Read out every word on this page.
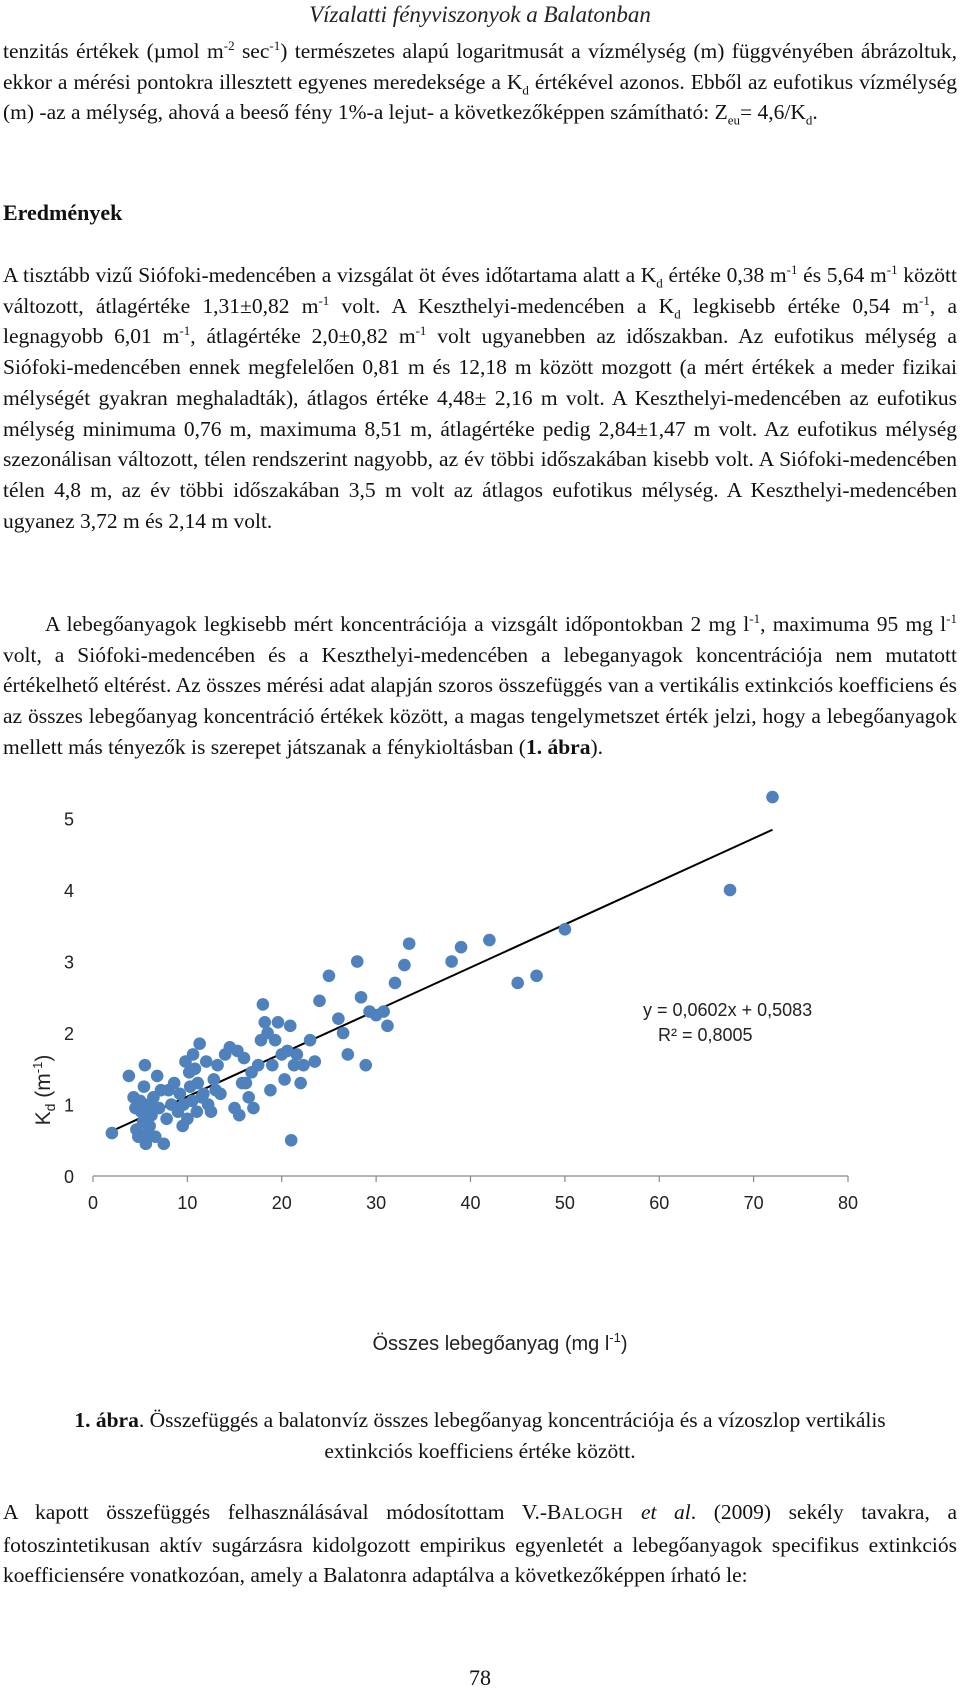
Vízalatti fényviszonyok a Balatonban
tenzitás értékek (µmol $m^{-2}$ $\sec^{-1}$) természetes alapú logaritmusát a vízmélység (m) függvényében ábrázoltuk, ekkor a mérési pontokra illesztett egyenes meredeksége a $K_d$ értékével azonos. Ebből az eufotikus vízmélység (m) -az a mélység, ahová a beeső fény 1%-a lejut- a következőképpen számítható: $Z_{eu}= 4,6/K_d$.
Eredmények
A tisztább vizű Siófoki-medencében a vizsgálat öt éves időtartama alatt a $K_d$ értéke 0,38 $m^{-1}$ és 5,64 $m^{-1}$ között változott, átlagértéke 1,31±0,82 $m^{-1}$ volt. A Keszthelyi-medencében a $K_d$ legkisebb értéke 0,54 $m^{-1}$, a legnagyobb 6,01 $m^{-1}$, átlagértéke 2,0±0,82 $m^{-1}$ volt ugyanebben az időszakban. Az eufotikus mélység a Siófoki-medencében ennek megfelelően 0,81 m és 12,18 m között mozgott (a mért értékek a meder fizikai mélységét gyakran meghaladták), átlagos értéke 4,48± 2,16 m volt. A Keszthelyi-medencében az eufotikus mélység minimuma 0,76 m, maximuma 8,51 m, átlagértéke pedig 2,84±1,47 m volt. Az eufotikus mélység szezonálisan változott, télen rendszerint nagyobb, az év többi időszakában kisebb volt. A Siófoki-medencében télen 4,8 m, az év többi időszakában 3,5 m volt az átlagos eufotikus mélység. A Keszthelyi-medencében ugyanez 3,72 m és 2,14 m volt.
A lebegőanyagok legkisebb mért koncentrációja a vizsgált időpontokban 2 mg $l^{-1}$, maximuma 95 mg $l^{-1}$ volt, a Siófoki-medencében és a Keszthelyi-medencében a lebeganyagok koncentrációja nem mutatott értékelhető eltérést. Az összes mérési adat alapján szoros összefüggés van a vertikális extinkciós koefficiens és az összes lebegőanyag koncentráció értékek között, a magas tengelymetszet érték jelzi, hogy a lebegőanyagok mellett más tényezők is szerepet játszanak a fénykioltásban (1. ábra).
0	10	20	30	40	50	60	70	80
0
1
2
3
4
5
y = 0,0602x + 0,5083
R² = 0,8005
Összes lebegőanyag (mg $l^{-1}$)
$K_d$ $(m^{-1})$
1. ábra. Összefüggés a balatonvíz összes lebegőanyag koncentrációja és a vízoszlop vertikális extinkciós koefficiens értéke között.
A kapott összefüggés felhasználásával módosítottam V.-BALOGH et al. (2009) sekély tavakra, a fotoszintetikusan aktív sugárzásra kidolgozott empirikus egyenletét a lebegőanyagok specifikus extinkciós koefficiensére vonatkozóan, amely a Balatonra adaptálva a következőképpen írható le:
78
